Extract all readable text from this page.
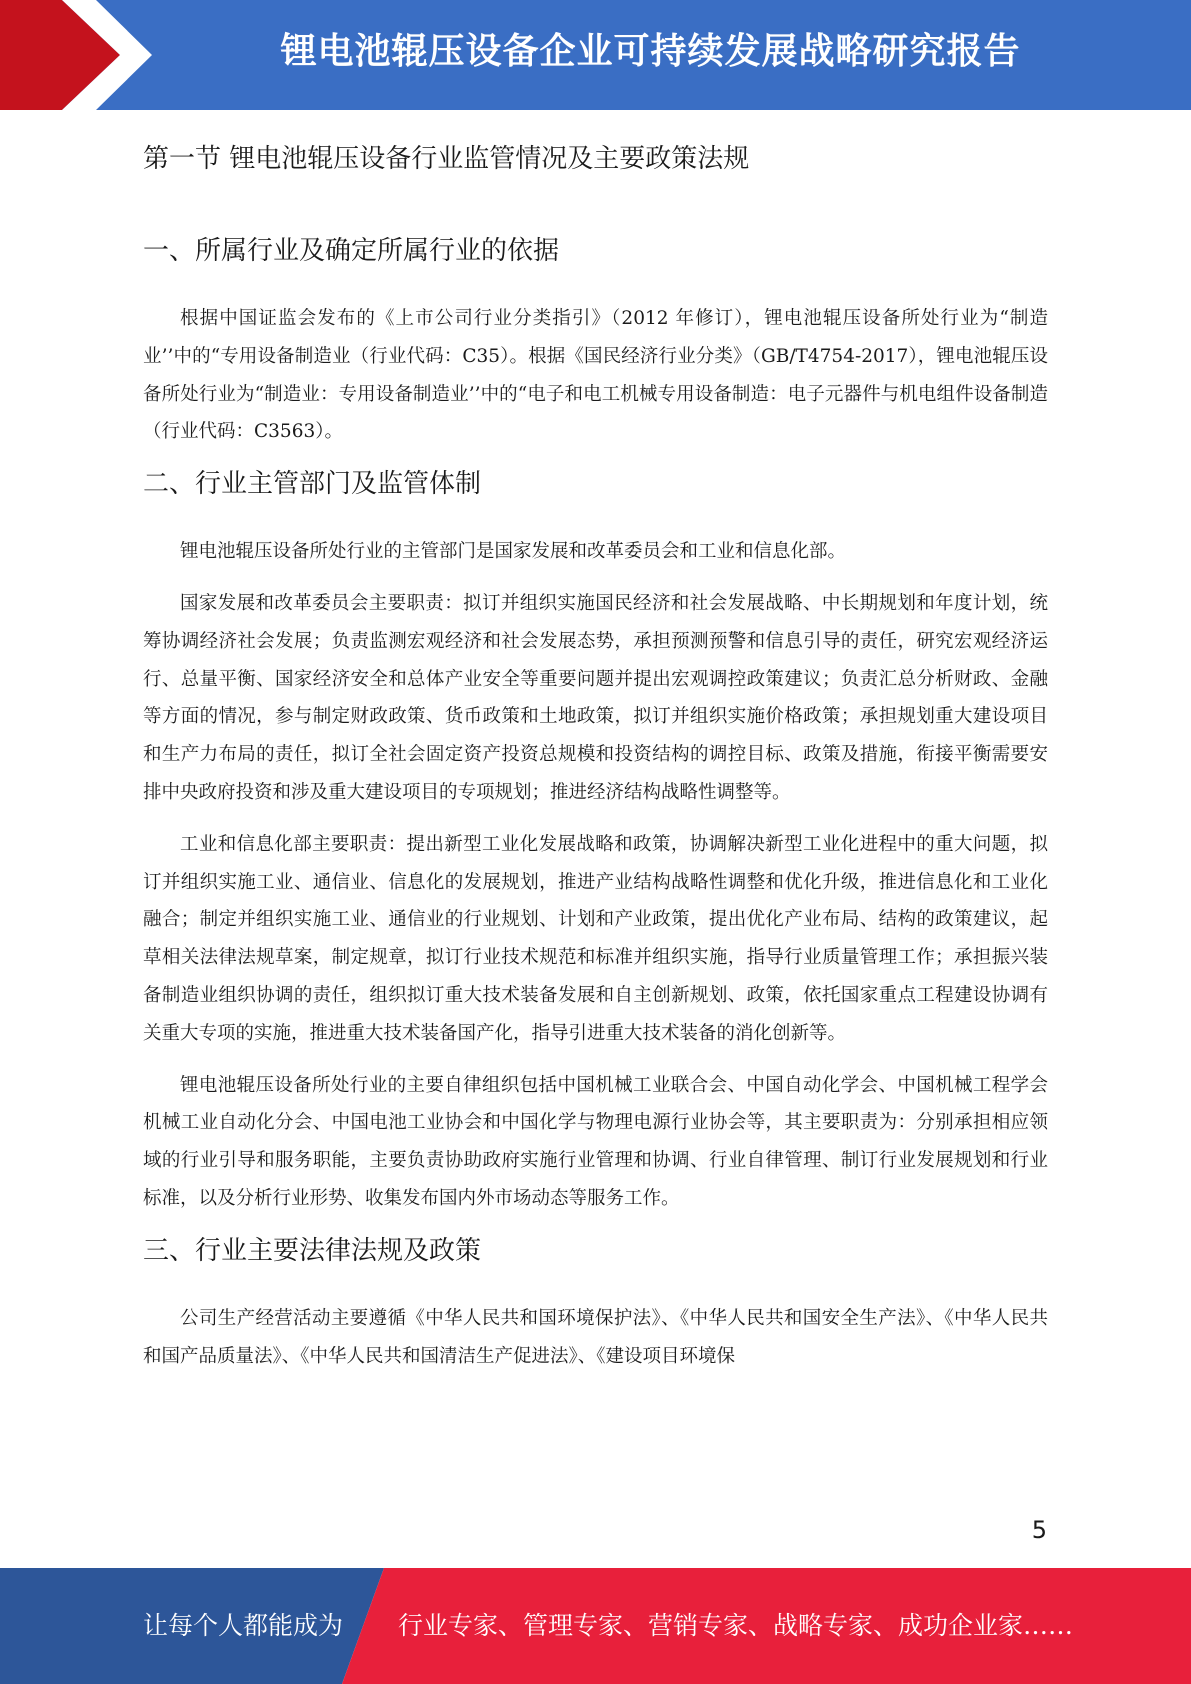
锂电池辊压设备企业可持续发展战略研究报告
第一节 锂电池辊压设备行业监管情况及主要政策法规
一、所属行业及确定所属行业的依据

根据中国证监会发布的《上市公司行业分类指引》（2012 年修订），锂电池辊压设备所处行业为“制造业’’中的“专用设备制造业（行业代码：C35）。根据《国民经济行业分类》（GB/T4754-2017），锂电池辊压设备所处行业为“制造业：专用设备制造业’’中的“电子和电工机械专用设备制造：电子元器件与机电组件设备制造（行业代码：C3563）。

二、行业主管部门及监管体制

锂电池辊压设备所处行业的主管部门是国家发展和改革委员会和工业和信息化部。

国家发展和改革委员会主要职责：拟订并组织实施国民经济和社会发展战略、中长期规划和年度计划，统筹协调经济社会发展；负责监测宏观经济和社会发展态势，承担预测预警和信息引导的责任，研究宏观经济运行、总量平衡、国家经济安全和总体产业安全等重要问题并提出宏观调控政策建议；负责汇总分析财政、金融等方面的情况，参与制定财政政策、货币政策和土地政策，拟订并组织实施价格政策；承担规划重大建设项目和生产力布局的责任，拟订全社会固定资产投资总规模和投资结构的调控目标、政策及措施，衔接平衡需要安排中央政府投资和涉及重大建设项目的专项规划；推进经济结构战略性调整等。

工业和信息化部主要职责：提出新型工业化发展战略和政策，协调解决新型工业化进程中的重大问题，拟订并组织实施工业、通信业、信息化的发展规划，推进产业结构战略性调整和优化升级，推进信息化和工业化融合；制定并组织实施工业、通信业的行业规划、计划和产业政策，提出优化产业布局、结构的政策建议，起草相关法律法规草案，制定规章，拟订行业技术规范和标准并组织实施，指导行业质量管理工作；承担振兴装备制造业组织协调的责任，组织拟订重大技术装备发展和自主创新规划、政策，依托国家重点工程建设协调有关重大专项的实施，推进重大技术装备国产化，指导引进重大技术装备的消化创新等。

锂电池辊压设备所处行业的主要自律组织包括中国机械工业联合会、中国自动化学会、中国机械工程学会机械工业自动化分会、中国电池工业协会和中国化学与物理电源行业协会等，其主要职责为：分别承担相应领域的行业引导和服务职能，主要负责协助政府实施行业管理和协调、行业自律管理、制订行业发展规划和行业标准，以及分析行业形势、收集发布国内外市场动态等服务工作。

三、行业主要法律法规及政策

公司生产经营活动主要遵循《中华人民共和国环境保护法》、《中华人民共和国安全生产法》、《中华人民共和国产品质量法》、《中华人民共和国清洁生产促进法》、《建设项目环境保

5
让每个人都能成为 行业专家、管理专家、营销专家、战略专家、成功企业家……
